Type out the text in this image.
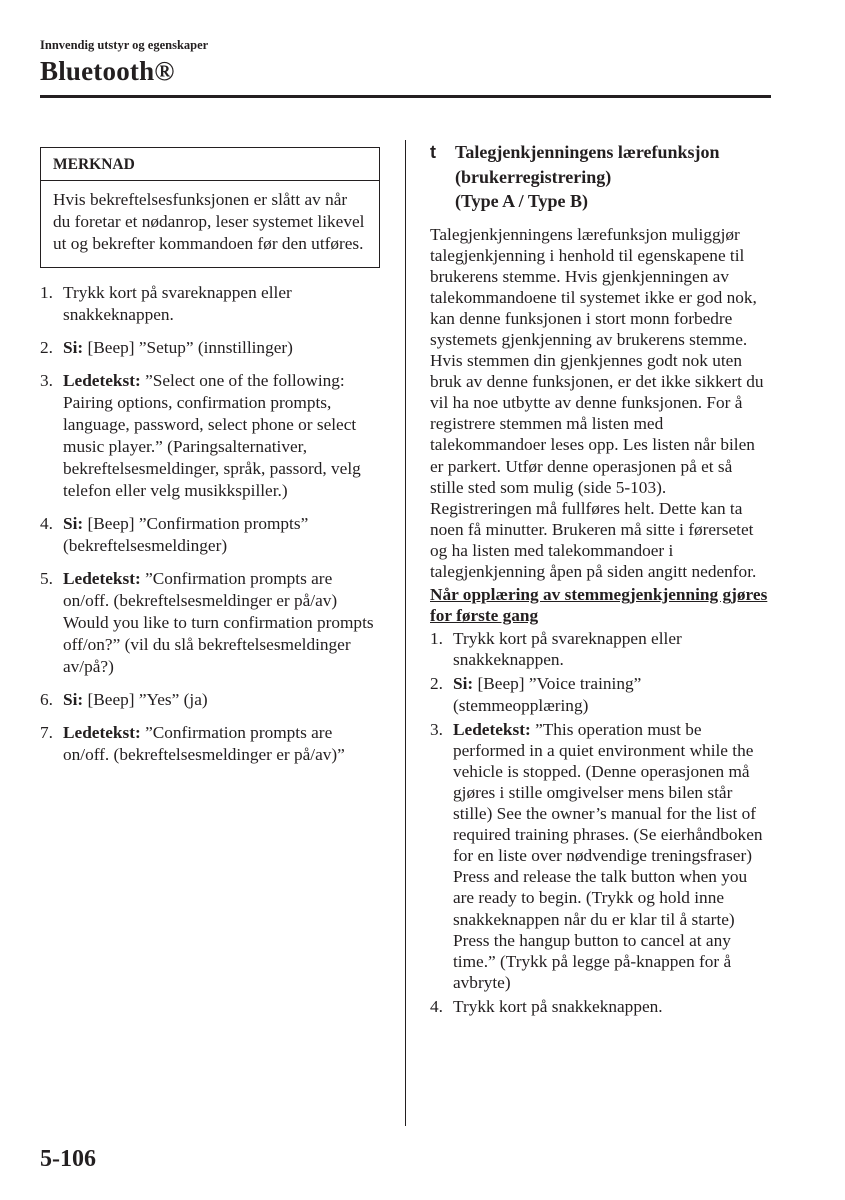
Innvendig utstyr og egenskaper
Bluetooth®
MERKNAD
Hvis bekreftelsesfunksjonen er slått av når du foretar et nødanrop, leser systemet likevel ut og bekrefter kommandoen før den utføres.
1. Trykk kort på svareknappen eller snakkeknappen.
2. Si: [Beep] ”Setup” (innstillinger)
3. Ledetekst: ”Select one of the following: Pairing options, confirmation prompts, language, password, select phone or select music player.” (Paringsalternativer, bekreftelsesmeldinger, språk, passord, velg telefon eller velg musikkspiller.)
4. Si: [Beep] ”Confirmation prompts” (bekreftelsesmeldinger)
5. Ledetekst: ”Confirmation prompts are on/off. (bekreftelsesmeldinger er på/av) Would you like to turn confirmation prompts off/on?” (vil du slå bekreftelsesmeldinger av/på?)
6. Si: [Beep] ”Yes” (ja)
7. Ledetekst: ”Confirmation prompts are on/off. (bekreftelsesmeldinger er på/av)”
t Talegjenkjenningens lærefunksjon
(brukerregistrering)
(Type A / Type B)

Talegjenkjenningens lærefunksjon muliggjør talegjenkjenning i henhold til egenskapene til brukerens stemme. Hvis gjenkjenningen av talekommandoene til systemet ikke er god nok, kan denne funksjonen i stort monn forbedre systemets gjenkjenning av brukerens stemme. Hvis stemmen din gjenkjennes godt nok uten bruk av denne funksjonen, er det ikke sikkert du vil ha noe utbytte av denne funksjonen. For å registrere stemmen må listen med talekommandoer leses opp. Les listen når bilen er parkert. Utfør denne operasjonen på et så stille sted som mulig (side 5-103). Registreringen må fullføres helt. Dette kan ta noen få minutter. Brukeren må sitte i førersetet og ha listen med talekommandoer i talegjenkjenning åpen på siden angitt nedenfor.

Når opplæring av stemmegjenkjenning gjøres for første gang
1. Trykk kort på svareknappen eller snakkeknappen.
2. Si: [Beep] ”Voice training” (stemmeopplæring)
3. Ledetekst: ”This operation must be performed in a quiet environment while the vehicle is stopped. (Denne operasjonen må gjøres i stille omgivelser mens bilen står stille) See the owner’s manual for the list of required training phrases. (Se eierhåndboken for en liste over nødvendige treningsfraser) Press and release the talk button when you are ready to begin. (Trykk og hold inne snakkeknappen når du er klar til å starte) Press the hangup button to cancel at any time.” (Trykk på legge på-knappen for å avbryte)
4. Trykk kort på snakkeknappen.
5-106
